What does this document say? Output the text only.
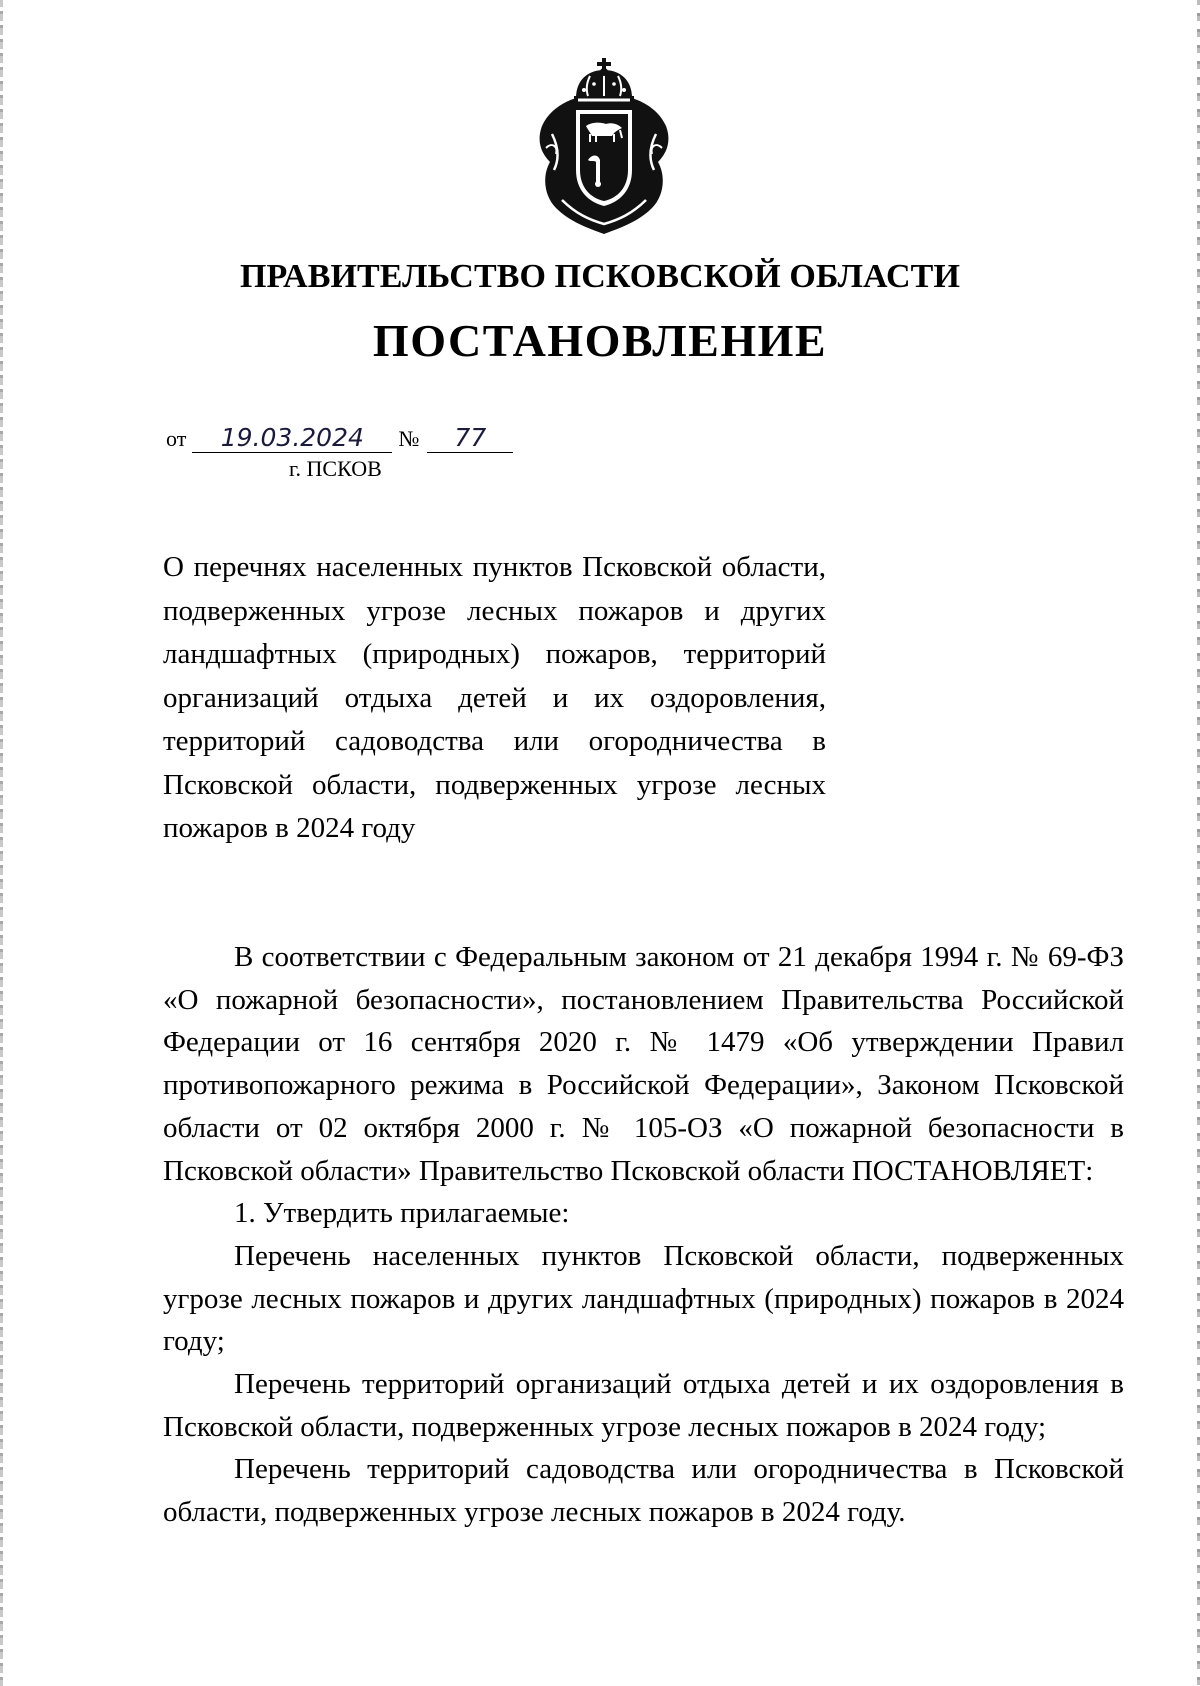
ПРАВИТЕЛЬСТВО ПСКОВСКОЙ ОБЛАСТИ
ПОСТАНОВЛЕНИЕ
от 19.03.2024 № 77
г. ПСКОВ
О перечнях населенных пунктов Псковской области, подверженных угрозе лесных пожаров и других ландшафтных (природных) пожаров, территорий организаций отдыха детей и их оздоровления, территорий садоводства или огородничества в Псковской области, подверженных угрозе лесных пожаров в 2024 году

В соответствии с Федеральным законом от 21 декабря 1994 г. № 69-ФЗ «О пожарной безопасности», постановлением Правительства Российской Федерации от 16 сентября 2020 г. № 1479 «Об утверждении Правил противопожарного режима в Российской Федерации», Законом Псковской области от 02 октября 2000 г. № 105-ОЗ «О пожарной безопасности в Псковской области» Правительство Псковской области ПОСТАНОВЛЯЕТ:

1. Утвердить прилагаемые:

Перечень населенных пунктов Псковской области, подверженных угрозе лесных пожаров и других ландшафтных (природных) пожаров в 2024 году;

Перечень территорий организаций отдыха детей и их оздоровления в Псковской области, подверженных угрозе лесных пожаров в 2024 году;

Перечень территорий садоводства или огородничества в Псковской области, подверженных угрозе лесных пожаров в 2024 году.
